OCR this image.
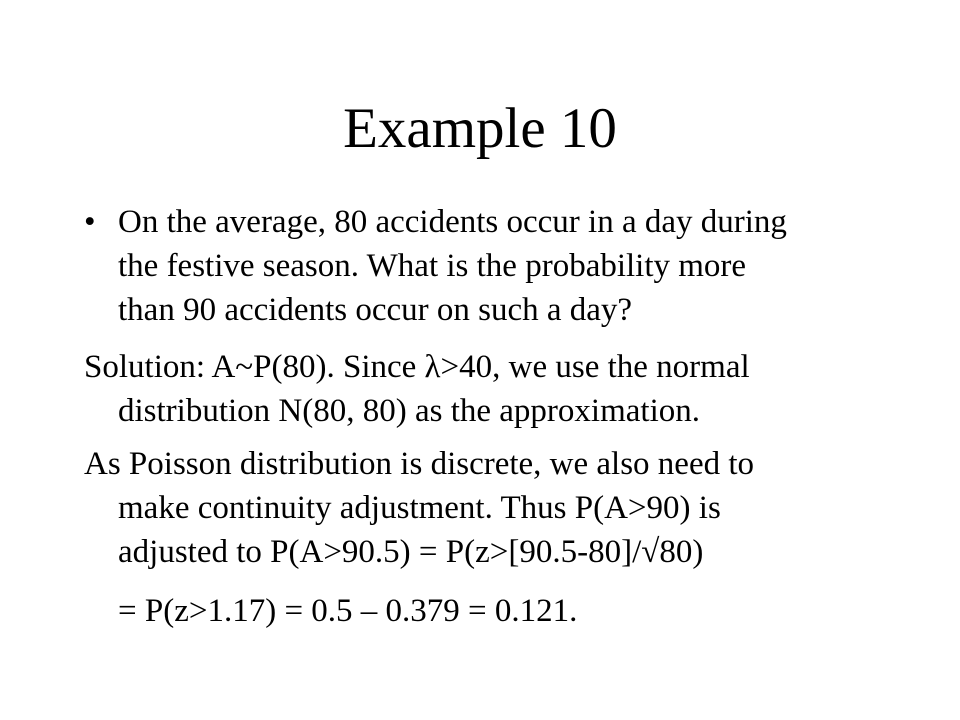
Example 10
• On the average, 80 accidents occur in a day during
the festive season. What is the probability more
than 90 accidents occur on such a day?
Solution: A~P(80). Since λ>40, we use the normal
distribution N(80, 80) as the approximation.
As Poisson distribution is discrete, we also need to
make continuity adjustment. Thus P(A>90) is
adjusted to P(A>90.5) = P(z>[90.5-80]/√80)
= P(z>1.17) = 0.5 – 0.379 = 0.121.
